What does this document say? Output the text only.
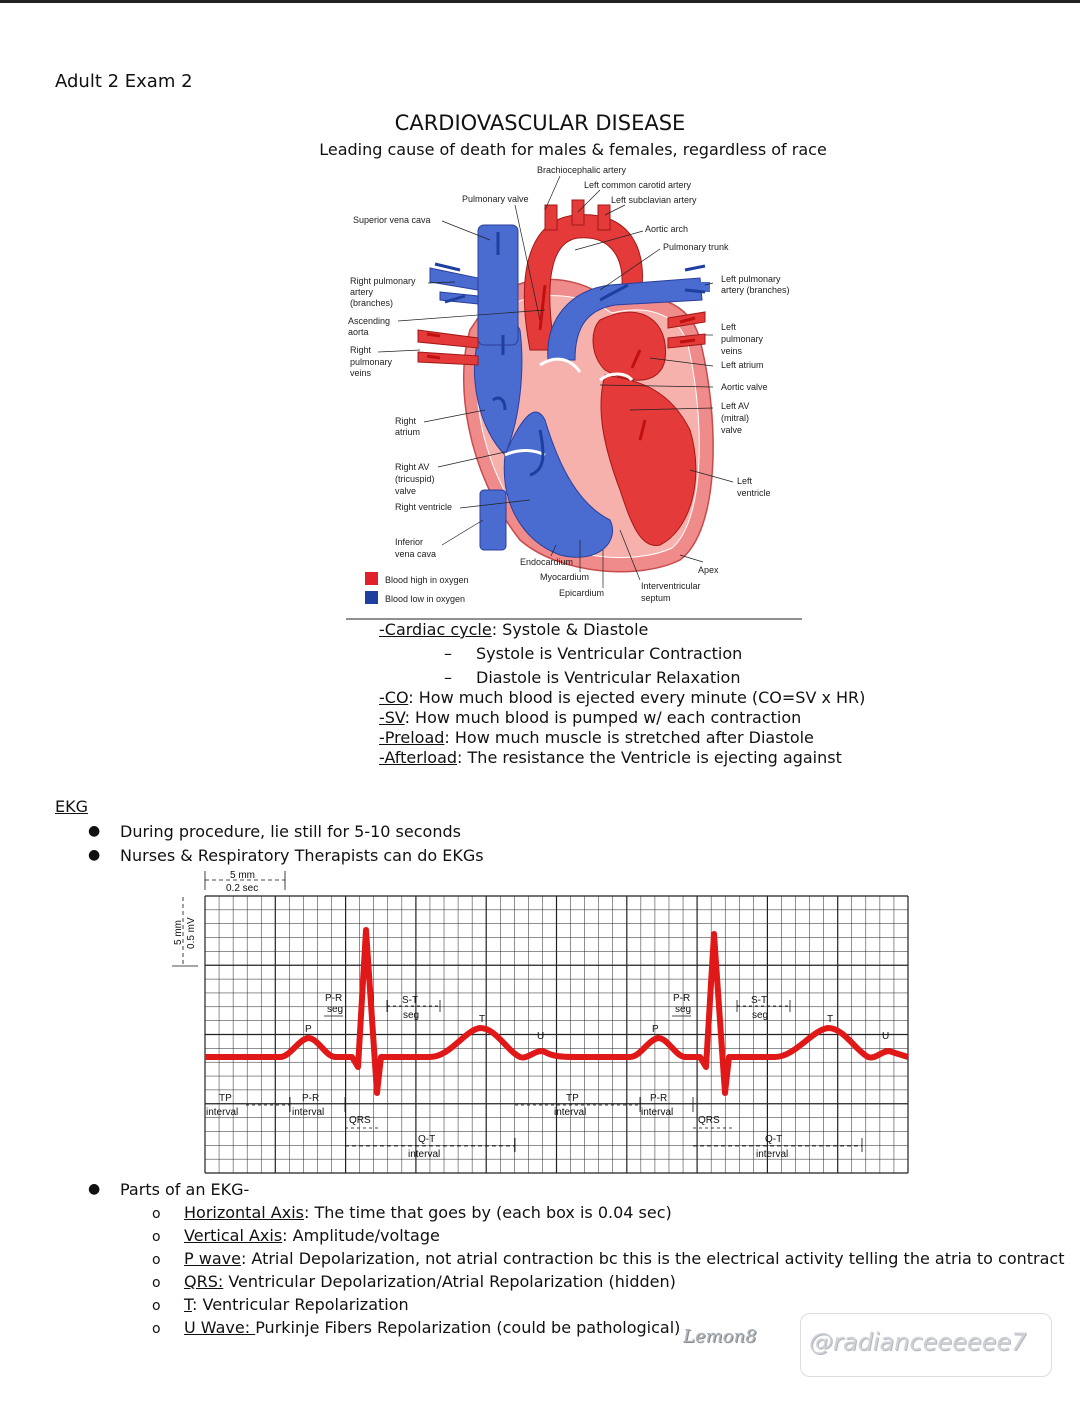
Adult 2 Exam 2
CARDIOVASCULAR DISEASE
Leading cause of death for males & females, regardless of race
Brachiocephalic artery
Left common carotid artery
Pulmonary valve	Left subclavian artery
Superior vena cava
Aortic arch
Pulmonary trunk
Right pulmonary
artery
(branches)
Left pulmonary
artery (branches)
Ascending
aorta	Left
pulmonary
veins
Right
pulmonary
veins
Left atrium
Aortic valve
Right
atrium
Left AV
(mitral)
valve
Right AV
(tricuspid)
valve
Left
ventricle
Right ventricle
Inferior
vena cava
Endocardium
Apex
Myocardium
Interventricular
septum
Epicardium
Blood high in oxygen
Blood low in oxygen
-Cardiac cycle: Systole & Diastole
– Systole is Ventricular Contraction
– Diastole is Ventricular Relaxation
-CO: How much blood is ejected every minute (CO=SV x HR)
-SV: How much blood is pumped w/ each contraction
-Preload: How much muscle is stretched after Diastole
-Afterload: The resistance the Ventricle is ejecting against
EKG
● During procedure, lie still for 5-10 seconds
● Nurses & Respiratory Therapists can do EKGs
5 mm
0.2 sec
5 mm 0.5 mV
P-R
seg
P-R
seg
S-T
seg
S-T
seg
P
T
U
P
T
U
TP
interval
P-R
interval
QRS
Q-T
interval
TP
interval
P-R
interval
QRS
Q-T
interval
● Parts of an EKG-
o Horizontal Axis: The time that goes by (each box is 0.04 sec)
o Vertical Axis: Amplitude/voltage
o P wave: Atrial Depolarization, not atrial contraction bc this is the electrical activity telling the atria to contract
o QRS: Ventricular Depolarization/Atrial Repolarization (hidden)
o T: Ventricular Repolarization
o U Wave: Purkinje Fibers Repolarization (could be pathological) Lemon8 @radianceeeeee7
